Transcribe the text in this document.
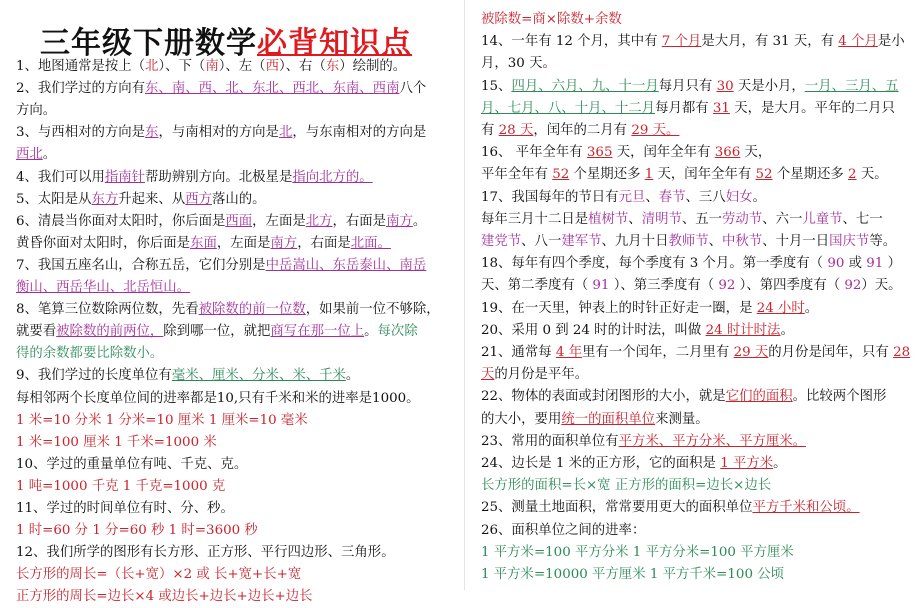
三年级下册数学必背知识点
1、地图通常是按上（北）、下（南）、左（西）、右（东）绘制的。
2、我们学过的方向有东、南、西、北、东北、西北、东南、西南八个
方向。
3、与西相对的方向是东，与南相对的方向是北，与东南相对的方向是
西北。
4、我们可以用指南针帮助辨别方向。北极星是指向北方的。
5、太阳是从东方升起来、从西方落山的。
6、清晨当你面对太阳时，你后面是西面，左面是北方，右面是南方。
黄昏你面对太阳时，你后面是东面，左面是南方，右面是北面。
7、我国五座名山，合称五岳，它们分别是中岳嵩山、东岳泰山、南岳
衡山、西岳华山、北岳恒山。
8、笔算三位数除两位数，先看被除数的前一位数，如果前一位不够除，
就要看被除数的前两位，除到哪一位，就把商写在那一位上。每次除
得的余数都要比除数小。
9、我们学过的长度单位有毫米、厘米、分米、米、千米。
每相邻两个长度单位间的进率都是10,只有千米和米的进率是1000。
1 米=10 分米 1 分米=10 厘米 1 厘米=10 毫米
1 米=100 厘米 1 千米=1000 米
10、学过的重量单位有吨、千克、克。
1 吨=1000 千克 1 千克=1000 克
11、学过的时间单位有时、分、秒。
1 时=60 分 1 分=60 秒 1 时=3600 秒
12、我们所学的图形有长方形、正方形、平行四边形、三角形。
长方形的周长=（长+宽）×2 或 长+宽+长+宽
正方形的周长=边长×4 或边长+边长+边长+边长
被除数=商×除数+余数
14、一年有 12 个月，其中有 7 个月是大月，有 31 天，有 4 个月是小
月，30 天。
15、四月、六月、九、十一月每月只有 30 天是小月，一月、三月、五
月、七月、八、十月、十二月每月都有 31 天，是大月。平年的二月只
有 28 天，闰年的二月有 29 天。
16、 平年全年有 365 天，闰年全年有 366 天，
平年全年有 52 个星期还多 1 天，闰年全年有 52 个星期还多 2 天。
17、我国每年的节日有元旦、春节、三八妇女。
每年三月十二日是植树节、清明节、五一劳动节、六一儿童节、七一
建党节、八一建军节、九月十日教师节、中秋节、十月一日国庆节等。
18、每年有四个季度，每个季度有 3 个月。第一季度有（ 90 或 91 ）
天、第二季度有（ 91 ）、第三季度有（ 92 ）、第四季度有（ 92）天。
19、在一天里，钟表上的时针正好走一圈，是 24 小时。
20、采用 0 到 24 时的计时法，叫做 24 时计时法。
21、通常每 4 年里有一个闰年，二月里有 29 天的月份是闰年，只有 28
天的月份是平年。
22、物体的表面或封闭图形的大小，就是它们的面积。比较两个图形
的大小，要用统一的面积单位来测量。
23、常用的面积单位有平方米、平方分米、平方厘米。
24、边长是 1 米的正方形，它的面积是 1 平方米。
长方形的面积=长×宽 正方形的面积=边长×边长
25、测量土地面积，常常要用更大的面积单位平方千米和公顷。
26、面积单位之间的进率：
1 平方米=100 平方分米 1 平方分米=100 平方厘米
1 平方米=10000 平方厘米 1 平方千米=100 公顷
